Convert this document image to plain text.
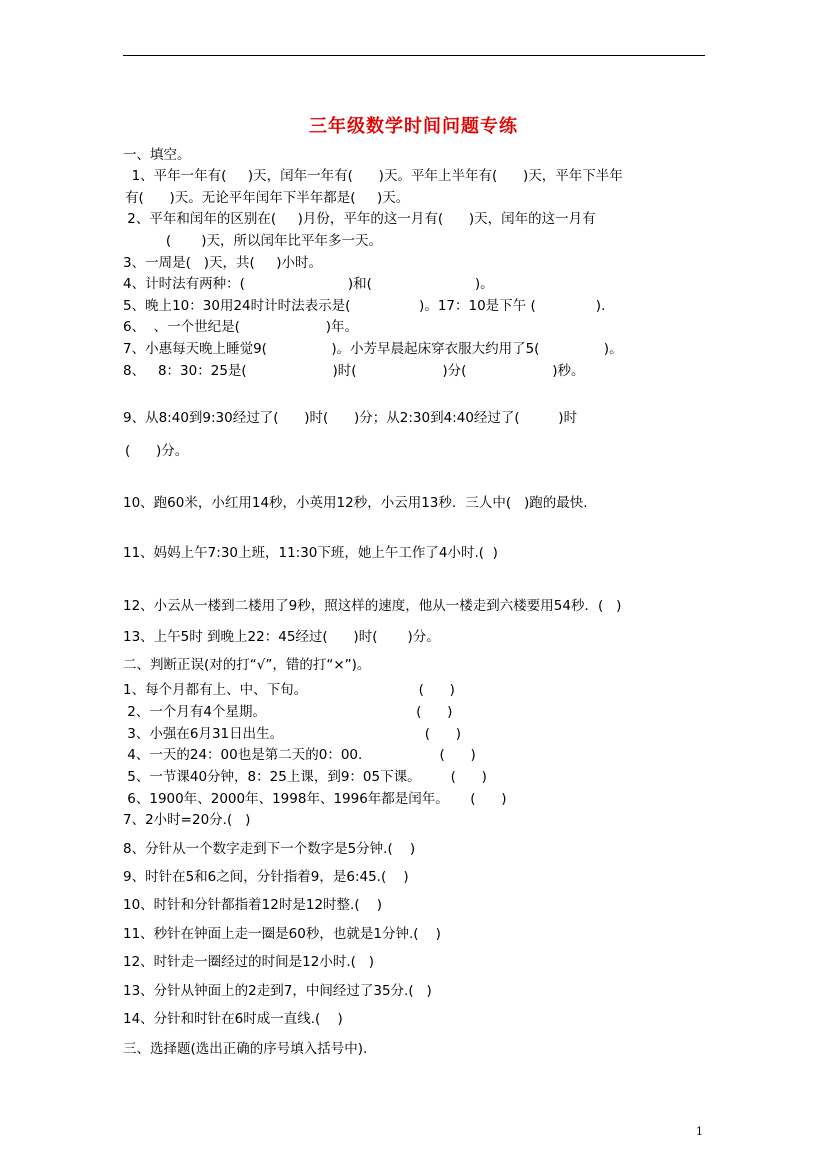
三年级数学时间问题专练
一、填空。
1、平年一年有(     )天，闰年一年有(      )天。平年上半年有(      )天，平年下半年
有(      )天。无论平年闰年下半年都是(     )天。
2、平年和闰年的区别在(     )月份，平年的这一月有(      )天，闰年的这一月有
(       )天，所以闰年比平年多一天。
3、一周是(   )天，共(     )小时。
4、计时法有两种：(                        )和(                        )。
5、晚上10：30用24时计时法表示是(                )。17：10是下午 (              ).
6、  、一个世纪是(                    )年。
7、小惠每天晚上睡觉9(               )。小芳早晨起床穿衣服大约用了5(               )。
8、   8：30：25是(                    )时(                    )分(                    )秒。
9、从8:40到9:30经过了(      )时(      )分；从2:30到4:40经过了(         )时
(      )分。
10、跑60米，小红用14秒，小英用12秒，小云用13秒．三人中(   )跑的最快.
11、妈妈上午7:30上班，11:30下班，她上午工作了4小时.(  )
12、小云从一楼到二楼用了9秒，照这样的速度，他从一楼走到六楼要用54秒．(   )
13、上午5时 到晚上22：45经过(      )时(       )分。
二、判断正误(对的打“√”，错的打“×”)。
1、每个月都有上、中、下旬。                          (      )
2、一个月有4个星期。                                   (      )
3、小强在6月31日出生。                                 (      )
4、一天的24：00也是第二天的0：00.                  (      )
5、一节课40分钟，8：25上课，到9：05下课。       (      )
6、1900年、2000年、1998年、1996年都是闰年。     (      )
7、2小时=20分.(   )
8、分针从一个数字走到下一个数字是5分钟.(    )
9、时针在5和6之间，分针指着9，是6:45.(    )
10、时针和分针都指着12时是12时整.(    )
11、秒针在钟面上走一圈是60秒，也就是1分钟.(    )
12、时针走一圈经过的时间是12小时.(   )
13、分针从钟面上的2走到7，中间经过了35分.(   )
14、分针和时针在6时成一直线.(    )
三、选择题(选出正确的序号填入括号中).
1
